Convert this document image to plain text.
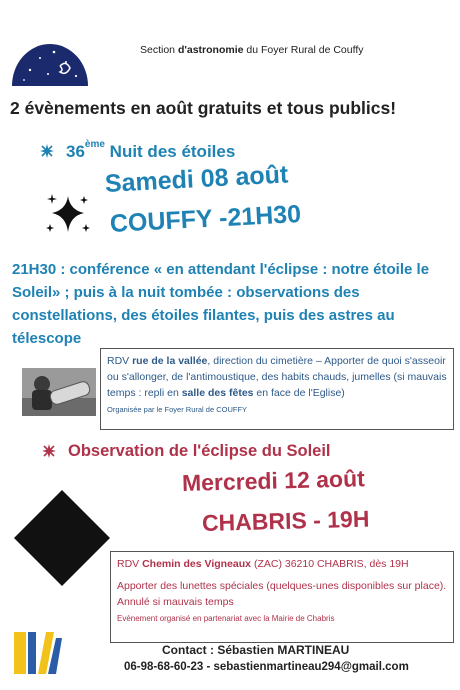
Section d'astronomie du Foyer Rural de Couffy
2 évènements en août gratuits et tous publics!
36ème Nuit des étoiles
Samedi 08 août
COUFFY -21H30
21H30 : conférence « en attendant l'éclipse : notre étoile le Soleil» ; puis à la nuit tombée : observations des constellations, des étoiles filantes, puis des astres au télescope
RDV rue de la vallée, direction du cimetière – Apporter de quoi s'asseoir ou s'allonger, de l'antimoustique, des habits chauds, jumelles (si mauvais temps : repli en salle des fêtes en face de l'Eglise)
Organisée par le Foyer Rural de COUFFY
Observation de l'éclipse du Soleil
Mercredi 12 août
CHABRIS - 19H
RDV Chemin des Vigneaux (ZAC) 36210 CHABRIS, dès 19H
Apporter des lunettes spéciales (quelques-unes disponibles sur place). Annulé si mauvais temps
Evènement organisé en partenariat avec la Mairie de Chabris
Contact : Sébastien MARTINEAU
06-98-68-60-23 - sebastienmartineau294@gmail.com
